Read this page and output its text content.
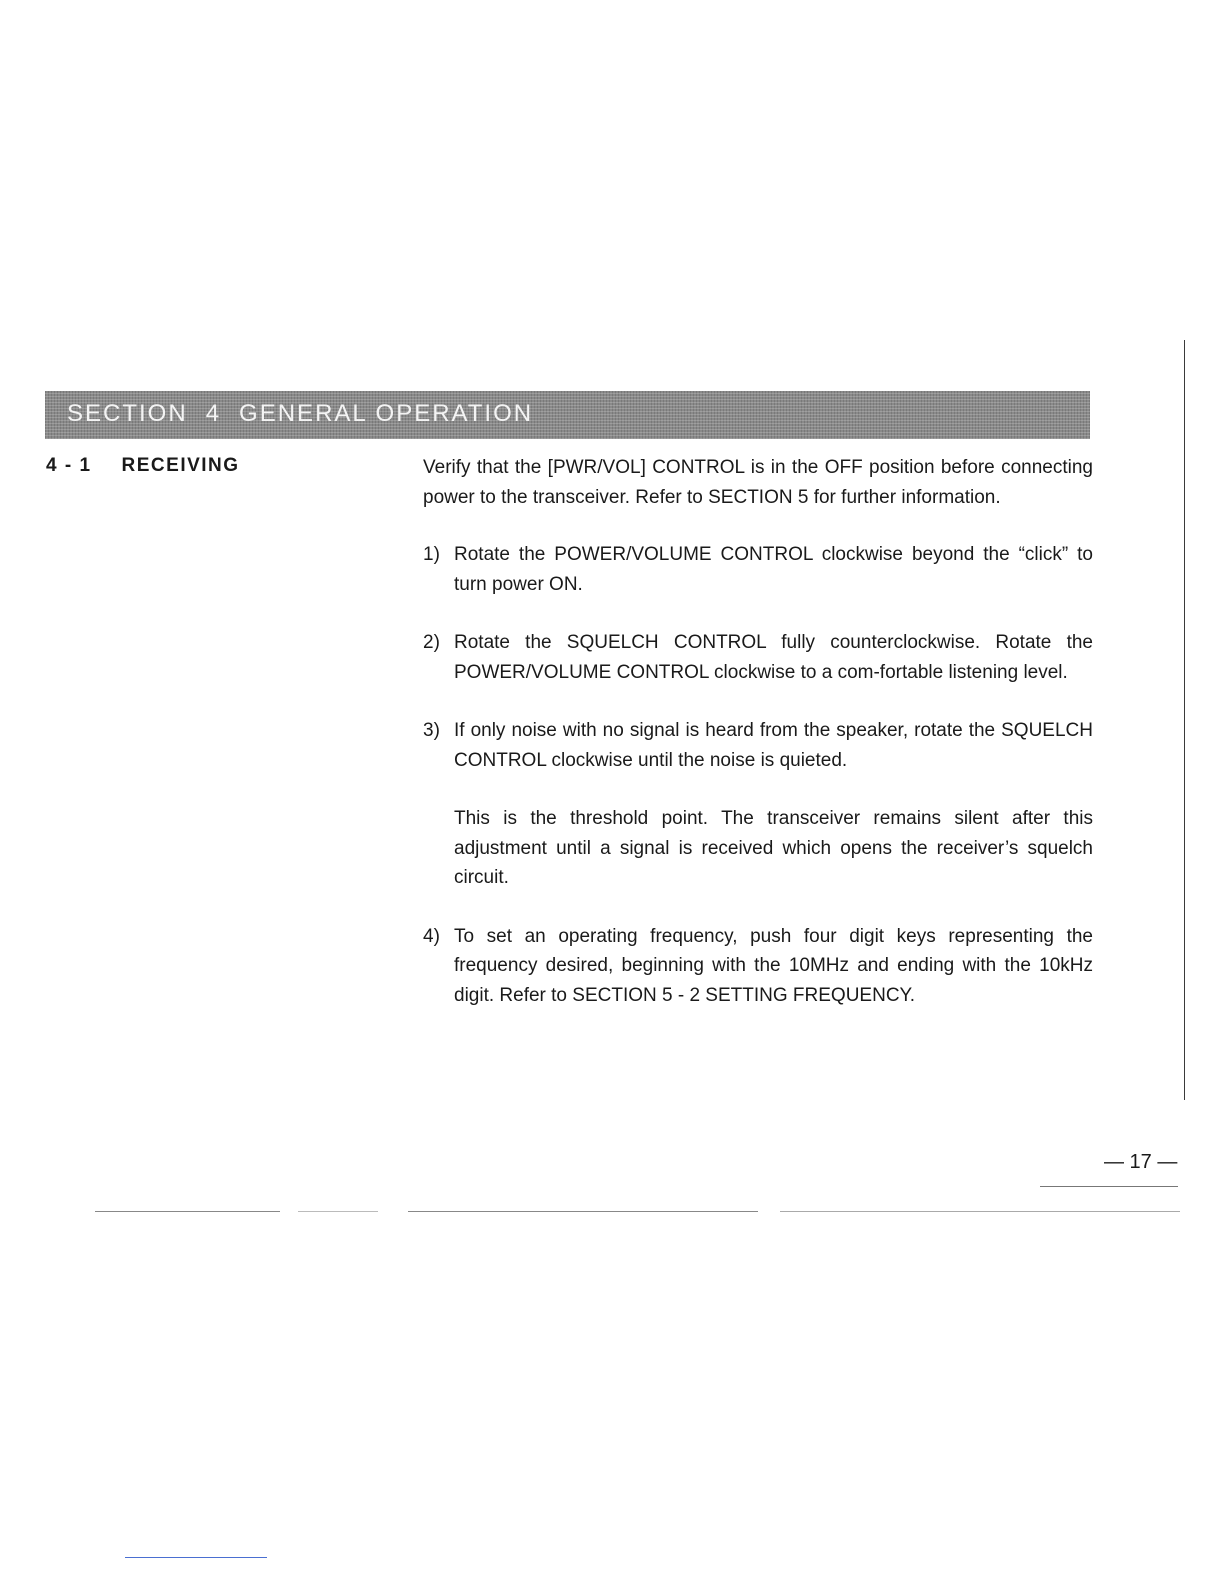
SECTION 4 GENERAL OPERATION
4 - 1 RECEIVING	Verify that the [PWR/VOL] CONTROL is in the OFF position before connecting power to the transceiver. Refer to SECTION 5 for further information.

1) Rotate the POWER/VOLUME CONTROL clockwise beyond the “click” to turn power ON.
2) Rotate the SQUELCH CONTROL fully counterclockwise. Rotate the POWER/VOLUME CONTROL clockwise to a com-fortable listening level.
3) If only noise with no signal is heard from the speaker, rotate the SQUELCH CONTROL clockwise until the noise is quieted.

This is the threshold point. The transceiver remains silent after this adjustment until a signal is received which opens the receiver’s squelch circuit.

4) To set an operating frequency, push four digit keys representing the frequency desired, beginning with the 10MHz and ending with the 10kHz digit. Refer to SECTION 5 - 2 SETTING FREQUENCY.
— 17 —
